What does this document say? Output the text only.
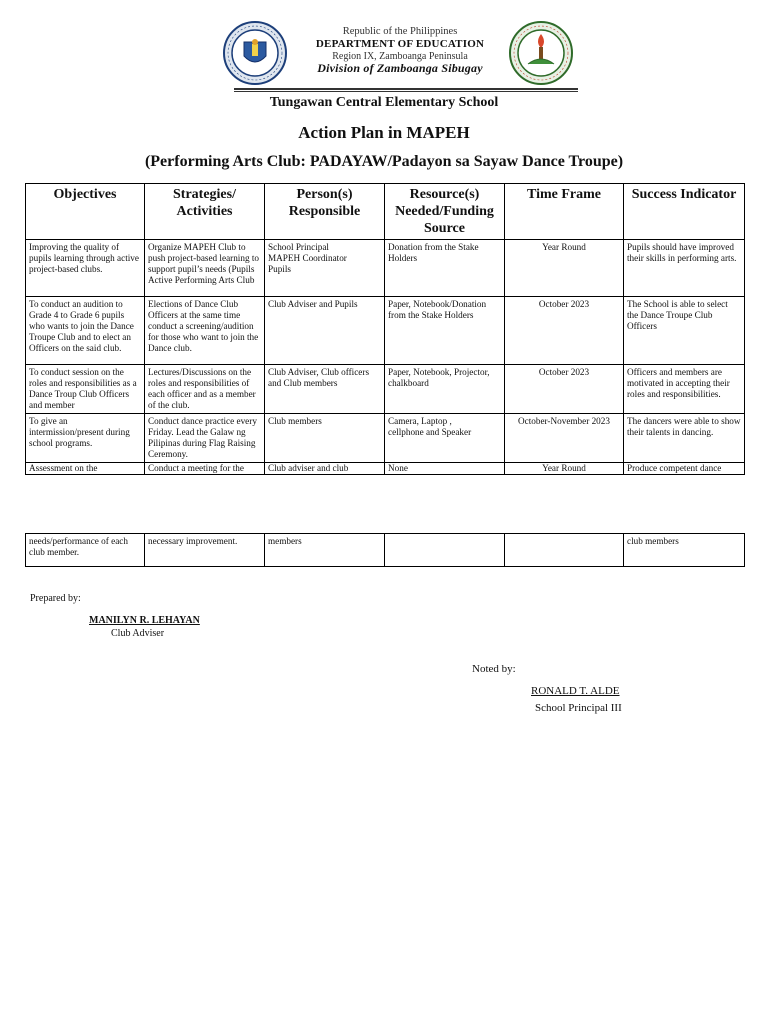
Republic of the Philippines
DEPARTMENT OF EDUCATION
Region IX, Zamboanga Peninsula
Division of Zamboanga Sibugay
Tungawan Central Elementary School
Action Plan in MAPEH
(Performing Arts Club: PADAYAW/Padayon sa Sayaw Dance Troupe)
Objectives	Strategies/ Activities	Person(s) Responsible	Resource(s) Needed/Funding Source	Time Frame	Success Indicator
Improving the quality of pupils learning through active project-based clubs.	Organize MAPEH Club to push project-based learning to support pupil’s needs (Pupils Active Performing Arts Club	School Principal
MAPEH Coordinator
Pupils	Donation from the Stake Holders	Year Round	Pupils should have improved their skills in performing arts.
To conduct an audition to Grade 4 to Grade 6 pupils who wants to join the Dance Troupe Club and to elect an Officers on the said club.	Elections of Dance Club Officers at the same time conduct a screening/audition for those who want to join the Dance club.	Club Adviser and Pupils	Paper, Notebook/Donation from the Stake Holders	October 2023	The School is able to select the Dance Troupe Club Officers
To conduct session on the roles and responsibilities as a Dance Troup Club Officers and member	Lectures/Discussions on the roles and responsibilities of each officer and as a member of the club.	Club Adviser, Club officers and Club members	Paper, Notebook, Projector, chalkboard	October 2023	Officers and members are motivated in accepting their roles and responsibilities.
To give an intermission/present during school programs.	Conduct dance practice every Friday. Lead the Galaw ng Pilipinas during Flag Raising Ceremony.	Club members	Camera, Laptop ,
cellphone and Speaker	October-November 2023	The dancers were able to show their talents in dancing.
Assessment on the	Conduct a meeting for the	Club adviser and club	None	Year Round	Produce competent dance
needs/performance of each club member.	necessary improvement.	members			club members
Prepared by:
MANILYN R. LEHAYAN
Club Adviser
Noted by:
RONALD T. ALDE
School Principal III
